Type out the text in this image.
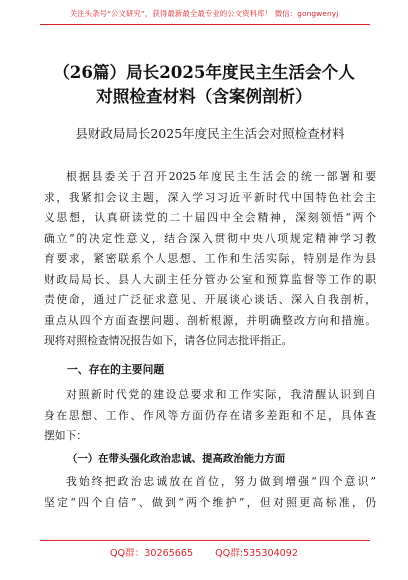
关注头条号“公文研究”，获得最新最全最专业的公文资料库！ 微信：gongwenyj
（26篇）局长2025年度民主生活会个人
对照检查材料（含案例剖析）
县财政局局长2025年度民主生活会对照检查材料
根据县委关于召开2025年度民主生活会的统一部署和要
求，我紧扣会议主题，深入学习习近平新时代中国特色社会主
义思想，认真研读党的二十届四中全会精神，深刻领悟“两个
确立”的决定性意义，结合深入贯彻中央八项规定精神学习教
育要求，紧密联系个人思想、工作和生活实际，特别是作为县
财政局局长、县人大副主任分管办公室和预算监督等工作的职
责使命，通过广泛征求意见、开展谈心谈话、深入自我剖析，
重点从四个方面查摆问题、剖析根源，并明确整改方向和措施。
现将对照检查情况报告如下，请各位同志批评指正。
一、存在的主要问题
对照新时代党的建设总要求和工作实际，我清醒认识到自
身在思想、工作、作风等方面仍存在诸多差距和不足，具体查
摆如下：
（一）在带头强化政治忠诚、提高政治能力方面
我始终把政治忠诚放在首位，努力做到增强“四个意识”
坚定“四个自信”、做到“两个维护”，但对照更高标准，仍
QQ群：30265665 QQ群:535304092
